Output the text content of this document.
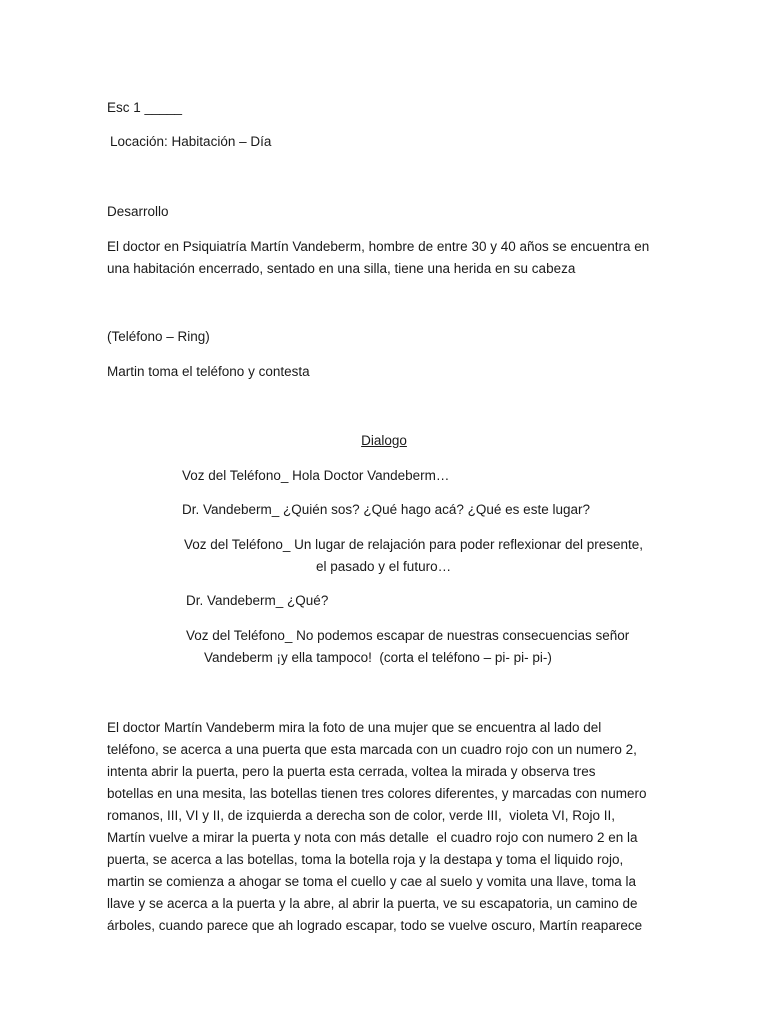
Esc 1 _____
Locación: Habitación – Día
Desarrollo
El doctor en Psiquiatría Martín Vandeberm, hombre de entre 30 y 40 años se encuentra en
una habitación encerrado, sentado en una silla, tiene una herida en su cabeza
(Teléfono – Ring)
Martin toma el teléfono y contesta
Dialogo
Voz del Teléfono_ Hola Doctor Vandeberm…
Dr. Vandeberm_ ¿Quién sos? ¿Qué hago acá? ¿Qué es este lugar?
Voz del Teléfono_ Un lugar de relajación para poder reflexionar del presente,
el pasado y el futuro…
Dr. Vandeberm_ ¿Qué?
Voz del Teléfono_ No podemos escapar de nuestras consecuencias señor
Vandeberm ¡y ella tampoco!  (corta el teléfono – pi- pi- pi-)
El doctor Martín Vandeberm mira la foto de una mujer que se encuentra al lado del
teléfono, se acerca a una puerta que esta marcada con un cuadro rojo con un numero 2,
intenta abrir la puerta, pero la puerta esta cerrada, voltea la mirada y observa tres
botellas en una mesita, las botellas tienen tres colores diferentes, y marcadas con numero
romanos, III, VI y II, de izquierda a derecha son de color, verde III,  violeta VI, Rojo II,
Martín vuelve a mirar la puerta y nota con más detalle  el cuadro rojo con numero 2 en la
puerta, se acerca a las botellas, toma la botella roja y la destapa y toma el liquido rojo,
martin se comienza a ahogar se toma el cuello y cae al suelo y vomita una llave, toma la
llave y se acerca a la puerta y la abre, al abrir la puerta, ve su escapatoria, un camino de
árboles, cuando parece que ah logrado escapar, todo se vuelve oscuro, Martín reaparece
